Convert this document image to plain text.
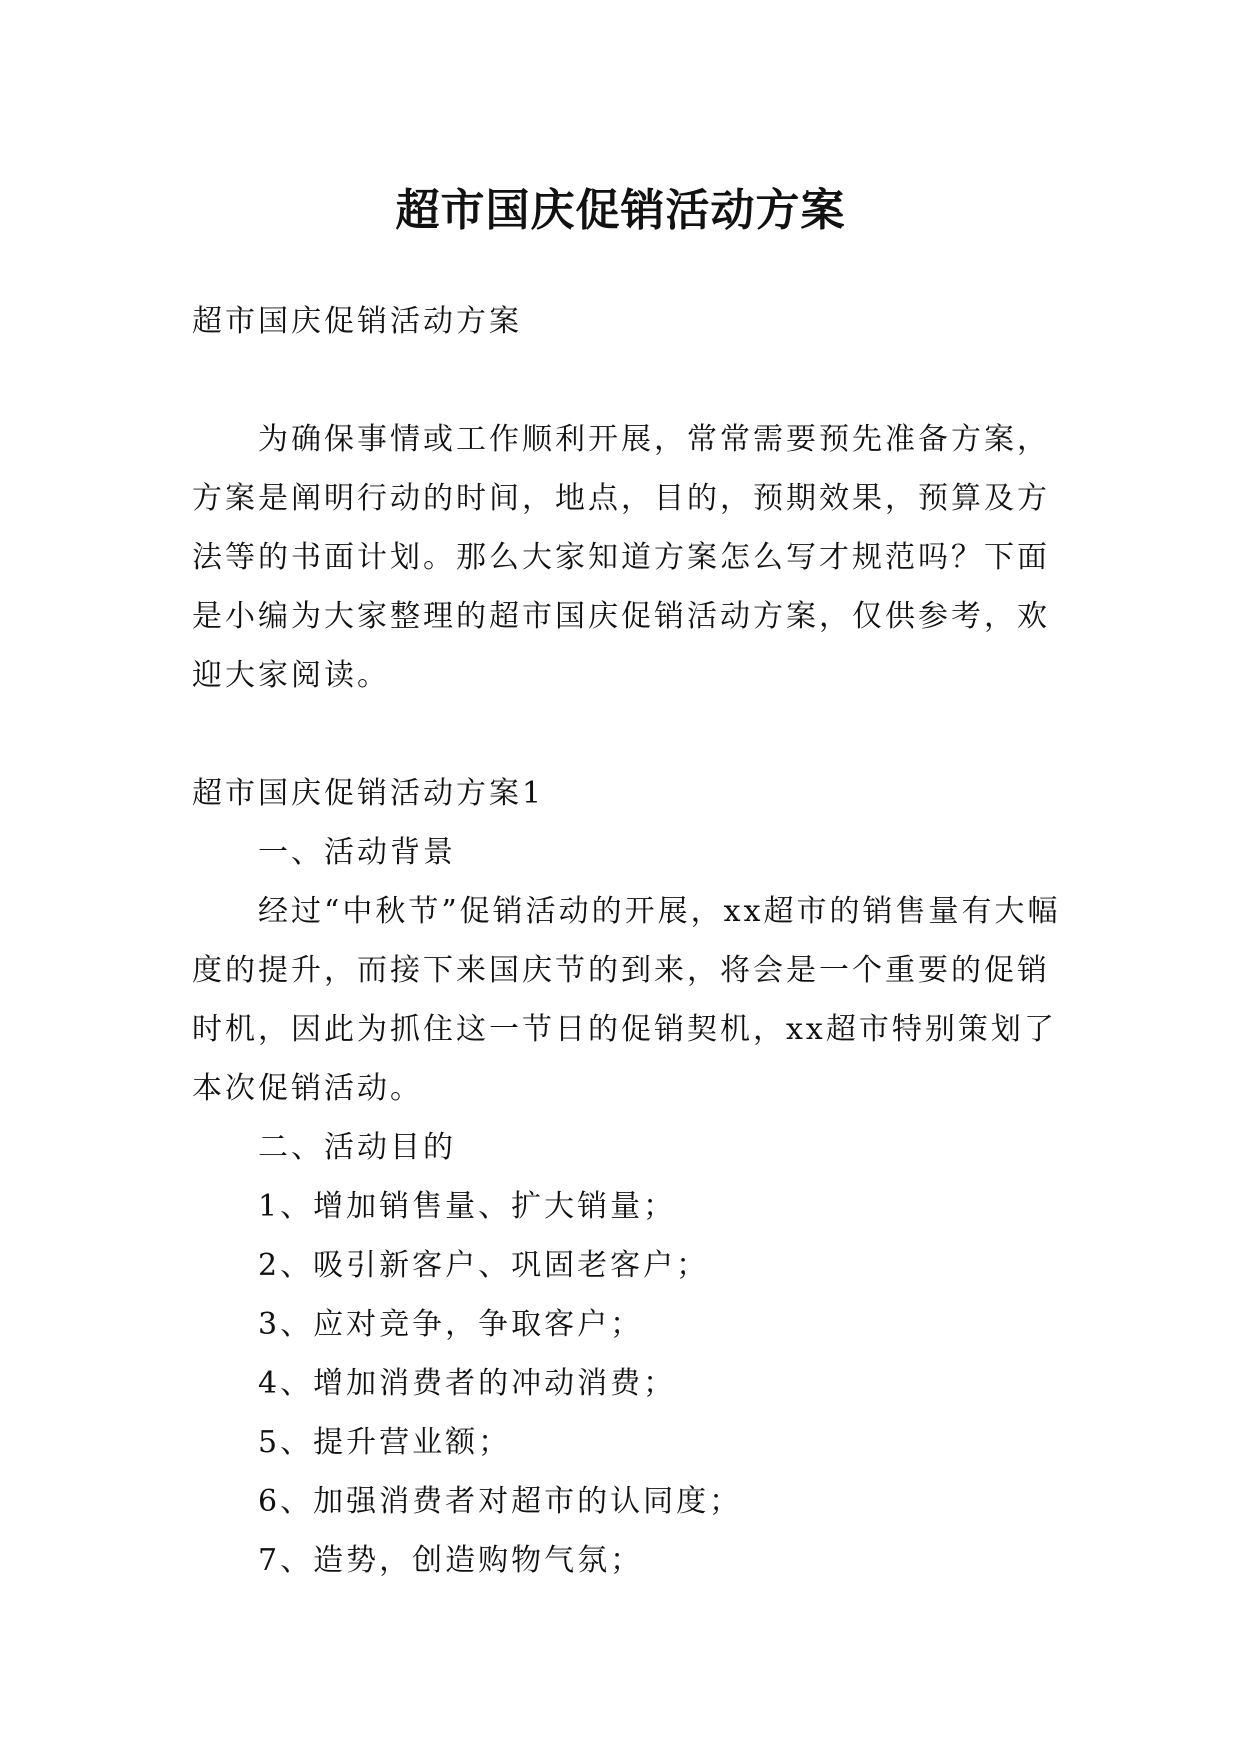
超市国庆促销活动方案

超市国庆促销活动方案

为确保事情或工作顺利开展，常常需要预先准备方案，方案是阐明行动的时间，地点，目的，预期效果，预算及方法等的书面计划。那么大家知道方案怎么写才规范吗？下面是小编为大家整理的超市国庆促销活动方案，仅供参考，欢迎大家阅读。

超市国庆促销活动方案1

一、活动背景

经过“中秋节”促销活动的开展，xx超市的销售量有大幅度的提升，而接下来国庆节的到来，将会是一个重要的促销时机，因此为抓住这一节日的促销契机，xx超市特别策划了本次促销活动。

二、活动目的

1、增加销售量、扩大销量；

2、吸引新客户、巩固老客户；

3、应对竞争，争取客户；

4、增加消费者的冲动消费；

5、提升营业额；

6、加强消费者对超市的认同度；

7、造势，创造购物气氛；
